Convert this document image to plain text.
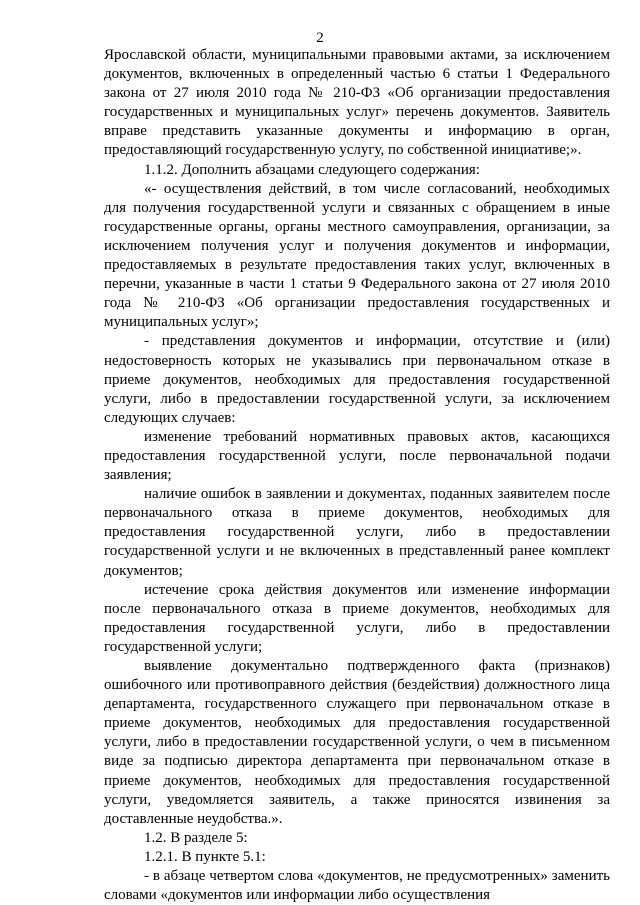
2

Ярославской области, муниципальными правовыми актами, за исключением документов, включенных в определенный частью 6 статьи 1 Федерального закона от 27 июля 2010 года № 210-ФЗ «Об организации предоставления государственных и муниципальных услуг» перечень документов. Заявитель вправе представить указанные документы и информацию в орган, предоставляющий государственную услугу, по собственной инициативе;».

1.1.2. Дополнить абзацами следующего содержания:

«- осуществления действий, в том числе согласований, необходимых для получения государственной услуги и связанных с обращением в иные государственные органы, органы местного самоуправления, организации, за исключением получения услуг и получения документов и информации, предоставляемых в результате предоставления таких услуг, включенных в перечни, указанные в части 1 статьи 9 Федерального закона от 27 июля 2010 года № 210-ФЗ «Об организации предоставления государственных и муниципальных услуг»;

- представления документов и информации, отсутствие и (или) недостоверность которых не указывались при первоначальном отказе в приеме документов, необходимых для предоставления государственной услуги, либо в предоставлении государственной услуги, за исключением следующих случаев:

изменение требований нормативных правовых актов, касающихся предоставления государственной услуги, после первоначальной подачи заявления;

наличие ошибок в заявлении и документах, поданных заявителем после первоначального отказа в приеме документов, необходимых для предоставления государственной услуги, либо в предоставлении государственной услуги и не включенных в представленный ранее комплект документов;

истечение срока действия документов или изменение информации после первоначального отказа в приеме документов, необходимых для предоставления государственной услуги, либо в предоставлении государственной услуги;

выявление документально подтвержденного факта (признаков) ошибочного или противоправного действия (бездействия) должностного лица департамента, государственного служащего при первоначальном отказе в приеме документов, необходимых для предоставления государственной услуги, либо в предоставлении государственной услуги, о чем в письменном виде за подписью директора департамента при первоначальном отказе в приеме документов, необходимых для предоставления государственной услуги, уведомляется заявитель, а также приносятся извинения за доставленные неудобства.».

1.2. В разделе 5:

1.2.1. В пункте 5.1:

- в абзаце четвертом слова «документов, не предусмотренных» заменить словами «документов или информации либо осуществления
